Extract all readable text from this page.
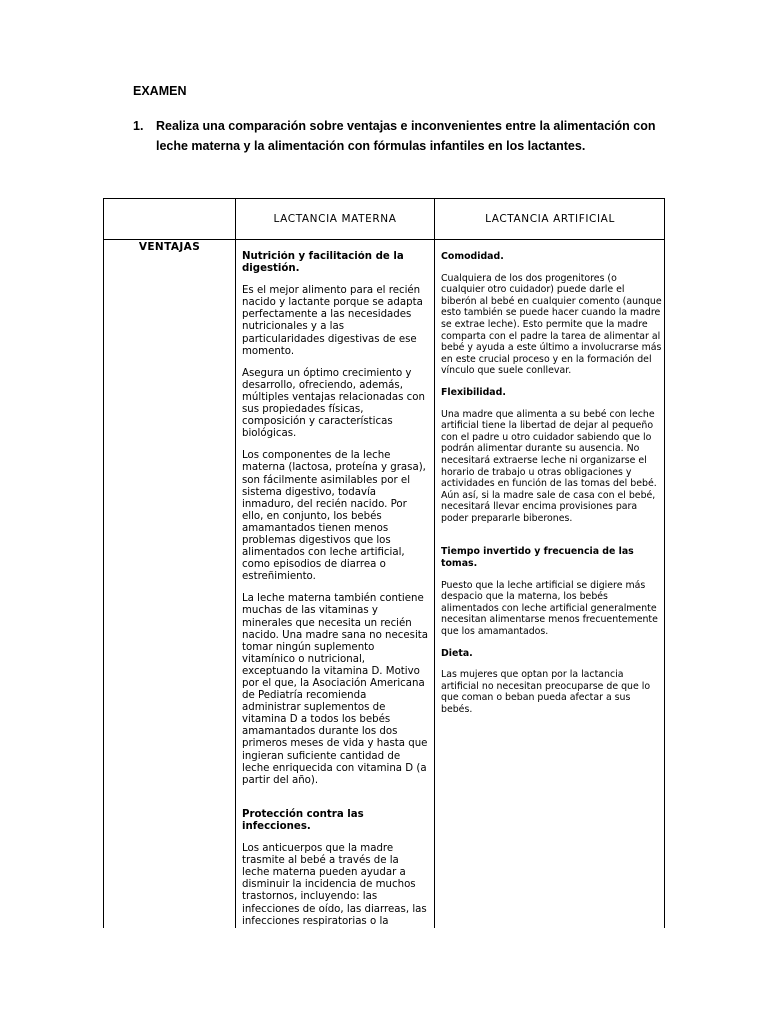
EXAMEN
1.	Realiza una comparación sobre ventajas e inconvenientes entre la alimentación con leche materna y la alimentación con fórmulas infantiles en los lactantes.
LACTANCIA MATERNA	LACTANCIA ARTIFICIAL
VENTAJAS
Nutrición y facilitación de la digestión.

Es el mejor alimento para el recién nacido y lactante porque se adapta perfectamente a las necesidades nutricionales y a las particularidades digestivas de ese momento.

Asegura un óptimo crecimiento y desarrollo, ofreciendo, además, múltiples ventajas relacionadas con sus propiedades físicas, composición y características biológicas.

Los componentes de la leche materna (lactosa, proteína y grasa), son fácilmente asimilables por el sistema digestivo, todavía inmaduro, del recién nacido. Por ello, en conjunto, los bebés amamantados tienen menos problemas digestivos que los alimentados con leche artificial, como episodios de diarrea o estreñimiento.

La leche materna también contiene muchas de las vitaminas y minerales que necesita un recién nacido. Una madre sana no necesita tomar ningún suplemento vitamínico o nutricional, exceptuando la vitamina D. Motivo por el que, la Asociación Americana de Pediatría recomienda administrar suplementos de vitamina D a todos los bebés amamantados durante los dos primeros meses de vida y hasta que ingieran suficiente cantidad de leche enriquecida con vitamina D (a partir del año).

Protección contra las infecciones.

Los anticuerpos que la madre trasmite al bebé a través de la leche materna pueden ayudar a disminuir la incidencia de muchos trastornos, incluyendo: las infecciones de oído, las diarreas, las infecciones respiratorias o la

Comodidad.

Cualquiera de los dos progenitores (o cualquier otro cuidador) puede darle el biberón al bebé en cualquier comento (aunque esto también se puede hacer cuando la madre se extrae leche). Esto permite que la madre comparta con el padre la tarea de alimentar al bebé y ayuda a este último a involucrarse más en este crucial proceso y en la formación del vínculo que suele conllevar.

Flexibilidad.

Una madre que alimenta a su bebé con leche artificial tiene la libertad de dejar al pequeño con el padre u otro cuidador sabiendo que lo podrán alimentar durante su ausencia. No necesitará extraerse leche ni organizarse el horario de trabajo u otras obligaciones y actividades en función de las tomas del bebé. Aún así, si la madre sale de casa con el bebé, necesitará llevar encima provisiones para poder prepararle biberones.

Tiempo invertido y frecuencia de las tomas.

Puesto que la leche artificial se digiere más despacio que la materna, los bebés alimentados con leche artificial generalmente necesitan alimentarse menos frecuentemente que los amamantados.

Dieta.

Las mujeres que optan por la lactancia artificial no necesitan preocuparse de que lo que coman o beban pueda afectar a sus bebés.
